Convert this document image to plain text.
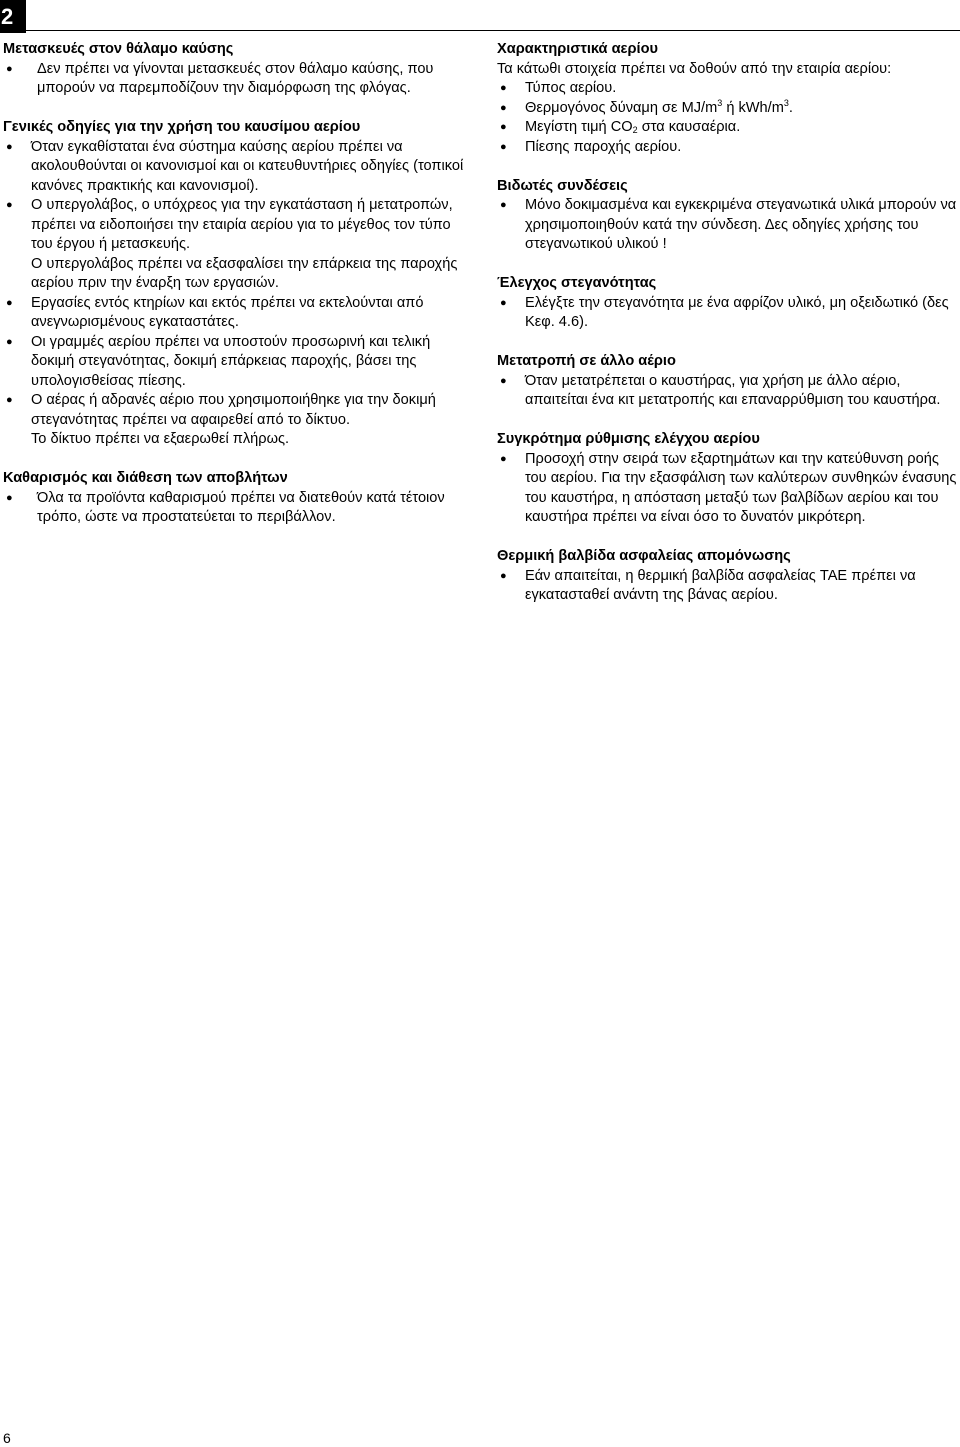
2

Μετασκευές στον θάλαμο καύσης

● Δεν πρέπει να γίνονται μετασκευές στον θάλαμο καύσης, που μπορούν να παρεμποδίζουν την διαμόρφωση της φλόγας.

Γενικές οδηγίες για την χρήση του καυσίμου αερίου

● Όταν εγκαθίσταται ένα σύστημα καύσης αερίου πρέπει να ακολουθούνται οι κανονισμοί και οι κατευθυντήριες οδηγίες (τοπικοί κανόνες πρακτικής και κανονισμοί).
● Ο υπεργολάβος, ο υπόχρεος για την εγκατάσταση ή μετατροπών, πρέπει να ειδοποιήσει την εταιρία αερίου για το μέγεθος τον τύπο του έργου ή μετασκευής.

Ο υπεργολάβος πρέπει να εξασφαλίσει την επάρκεια της παροχής αερίου πριν την έναρξη των εργασιών.

● Εργασίες εντός κτηρίων και εκτός πρέπει να εκτελούνται από ανεγνωρισμένους εγκαταστάτες.
● Οι γραμμές αερίου πρέπει να υποστούν προσωρινή και τελική δοκιμή στεγανότητας, δοκιμή επάρκειας παροχής, βάσει της υπολογισθείσας πίεσης.
● Ο αέρας ή αδρανές αέριο που χρησιμοποιήθηκε για την δοκιμή στεγανότητας πρέπει να αφαιρεθεί από το δίκτυο.

Το δίκτυο πρέπει να εξαερωθεί πλήρως.

Καθαρισμός και διάθεση των αποβλήτων

● Όλα τα προϊόντα καθαρισμού πρέπει να διατεθούν κατά τέτοιον τρόπο, ώστε να προστατεύεται το περιβάλλον.

Χαρακτηριστικά αερίου

Τα κάτωθι στοιχεία πρέπει να δοθούν από την εταιρία αερίου:

● Τύπος αερίου.
● Θερμογόνος δύναμη σε $MJ/m^3$ ή kWh/$m^3$.
● Μεγίστη τιμή $CO_2$ στα καυσαέρια.
● Πίεσης παροχής αερίου.

Βιδωτές συνδέσεις

● Μόνο δοκιμασμένα και εγκεκριμένα στεγανωτικά υλικά μπορούν να χρησιμοποιηθούν κατά την σύνδεση. Δες οδηγίες χρήσης του στεγανωτικού υλικού !

Έλεγχος στεγανότητας

● Ελέγξτε την στεγανότητα με ένα αφρίζον υλικό, μη οξειδωτικό (δες Κεφ. 4.6).

Μετατροπή σε άλλο αέριο

● Όταν μετατρέπεται ο καυστήρας, για χρήση με άλλο αέριο, απαιτείται ένα κιτ μετατροπής και επαναρρύθμιση του καυστήρα.

Συγκρότημα ρύθμισης ελέγχου αερίου

● Προσοχή στην σειρά των εξαρτημάτων και την κατεύθυνση ροής του αερίου. Για την εξασφάλιση των καλύτερων συνθηκών ένασυης του καυστήρα, η απόσταση μεταξύ των βαλβίδων αερίου και του καυστήρα πρέπει να είναι όσο το δυνατόν μικρότερη.

Θερμική βαλβίδα ασφαλείας απομόνωσης

● Εάν απαιτείται, η θερμική βαλβίδα ασφαλείας TAE πρέπει να εγκατασταθεί ανάντη της βάνας αερίου.
6
